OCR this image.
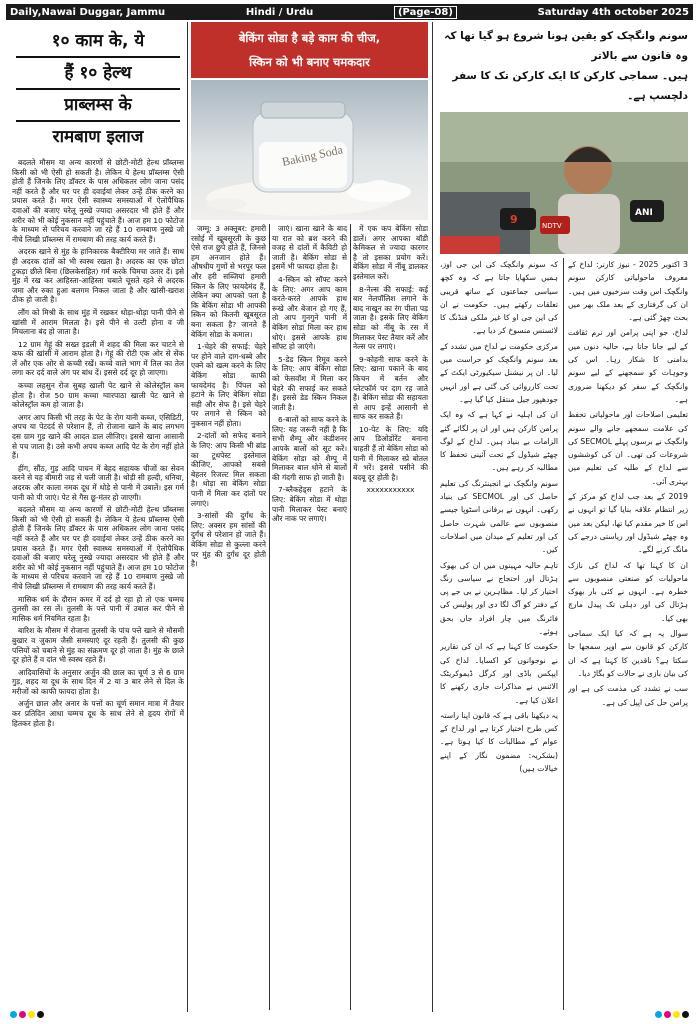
Daily,Nawai Duggar, Jammu	Hindi / Urdu	(Page-08)	Saturday 4th october 2025
१० काम के, ये
हैं १० हेल्थ
प्राब्लम्स के
रामबाण इलाज

बदलते मौसम या अन्य कारणों से छोटी-मोटी हेल्थ प्रॉब्लम्स किसी को भी ऐसी हो सकती है। लेकिन ये हेल्थ प्रॉब्लम्स ऐसी होती हैं जिनके लिए डॉक्टर के पास अधिकतर लोग जाना पसंद नहीं करते हैं और घर पर ही दवाईयां लेकर उन्हें ठीक करने का प्रयास करते हैं। मगर ऐसी स्वास्थ्य समस्याओं में ऐलोपैथिक दवाओं की बजाए घरेलू नुस्खे ज्यादा असरदार भी होते हैं और शरीर को भी कोई नुकसान नहीं पहुंचाते हैं। आज हम 10 फोटोज के माध्यम से परिचय करवाने जा रहे हैं 10 रामबाण नुस्खे जो नीचे लिखी प्रॉब्लम्स में रामबाण की तरह कार्य करते हैं।

अदरक खाने से मुंह के हानिकारक बैक्टीरिया मर जाते हैं। साथ ही अदरक दांतों को भी स्वस्थ रखता है। अदरक का एक छोटा टुकड़ा छीले बिना (छिलकेसहित) गर्म करके चिमचा उतार दें। इसे मुंह में रख कर आहिस्ता-आहिस्ता चबाते चूसते रहने से अदरक जमा और रुका हुआ बलगम निकल जाता है और खांसी-खराश ठीक हो जाती है।

लौंग को मिश्री के साथ मुंह में रखकर थोड़ा-थोड़ा पानी पीने से खांसी में आराम मिलता है। इसे पीने से उल्टी होना व जी मिचलाना बंद हो जाता है।

12 ग्राम गेहूं की सख्त इडली में शहद की मिला कर चाटने से कफ की खांसी में आराम होता है। गेहूं की रोटी एक ओर से सेंक लें और एक ओर से कच्ची रखें। कच्चे वाले भाग में तिल का तेल लगा कर दर्द वाले अंग पर बांध दें। इससे दर्द दूर हो जाएगा।

कच्चा लहसुन रोज सुबह खाली पेट खाने से कोलेस्ट्रॉल कम होता है। रोज 50 ग्राम कच्चा ग्वारपाठा खाली पेट खाने से कोलेस्ट्रॉल कम हो जाता है।

अगर आप किसी भी तरह के पेट के रोग यानी कब्ज, एसिडिटी, अपच या पेटदर्द से परेशान हैं, तो रोजाना खाने के बाद लगभग दस ग्राम गुड़ खाने की आदत डाल लीजिए। इससे खाना आसानी से पच जाता है। उसे कभी अपच कब्ज आदि पेट के रोग नहीं होते हैं।

हींग, सौंठ, गुड़ आदि पाचन में बेहद सहायक चीजों का सेवन करने से यह बीमारी जड़ से चली जाती है। थोड़ी सी हल्दी, धनिया, अदरक और काला नमक दूध में थोड़े से पानी में उबालें। इस गर्म पानी को पी जाएं। पेट से गैस छू-मंतर हो जाएगी।

बदलते मौसम या अन्य कारणों से छोटी-मोटी हेल्थ प्रॉब्लम्स किसी को भी ऐसी हो सकती है। लेकिन ये हेल्थ प्रॉब्लम्स ऐसी होती हैं जिनके लिए डॉक्टर के पास अधिकतर लोग जाना पसंद नहीं करते हैं और घर पर ही दवाईयां लेकर उन्हें ठीक करने का प्रयास करते हैं। मगर ऐसी स्वास्थ्य समस्याओं में ऐलोपैथिक दवाओं की बजाए घरेलू नुस्खे ज्यादा असरदार भी होते हैं और शरीर को भी कोई नुकसान नहीं पहुंचाते हैं। आज हम 10 फोटोज के माध्यम से परिचय करवाने जा रहे हैं 10 रामबाण नुस्खे जो नीचे लिखी प्रॉब्लम्स में रामबाण की तरह कार्य करते हैं।

मासिक धर्म के दौरान कमर में दर्द हो रहा हो तो एक चम्मच तुलसी का रस लें। तुलसी के पत्ते पानी में उबाल कर पीने से मासिक धर्म नियमित रहता है।

बारिश के मौसम में रोजाना तुलसी के पांच पत्ते खाने से मौसमी बुखार व जुकाम जैसी समस्याएं दूर रहती हैं। तुलसी की कुछ पत्तियों को चबाने से मुंह का संक्रमण दूर हो जाता है। मुंह के छाले दूर होते हैं व दांत भी स्वस्थ रहते हैं।

आदिवासियों के अनुसार अर्जुन की छाल का चूर्ण 3 से 6 ग्राम गुड़, शहद या दूध के साथ दिन में 2 या 3 बार लेने से दिल के मरीजों को काफी फायदा होता है।

अर्जुन छाल और अनार के पत्तों का चूर्ण समान मात्रा में तैयार कर प्रतिदिन आधा चम्मच दूध के साथ लेने से हृदय रोगों में हितकर होता है।

बेकिंग सोडा है बड़े काम की चीज,
स्किन को भी बनाए चमकदार
Baking Soda

जम्मू: 3 अक्तूबर: हमारी रसोई में खूबसूरती के कुछ ऐसे राज छुपे होते हैं, जिनसे हम अनजान होते हैं। औषधीय गुणों से भरपूर फल और हरी सब्जियां हमारी स्किन के लिए फायदेमंद हैं, लेकिन क्या आपको पता है कि बेकिंग सोडा भी आपकी स्किन को कितनी खूबसूरत बना सकता है? जानते हैं बेकिंग सोडा के कमाल।

1-चेहरे की सफाई: चेहरे पर होने वाले दाग-धब्बे और एक्ने को खत्म करने के लिए बेकिंग सोडा काफी फायदेमंद है। पिंपल को हटाने के लिए बेकिंग सोडा सही और सेफ है। इसे चेहरे पर लगाने से स्किन को नुकसान नहीं होता।

2-दांतों को सफेद बनाने के लिए: आप किसी भी ब्रांड का टूथपेस्ट इस्तेमाल कीजिए, आपको सबसे बेहतर रिजल्ट मिल सकता है। थोड़ा सा बेकिंग सोडा पानी में मिला कर दांतों पर लगाएं।

3-सांसों की दुर्गंध के लिए: अक्सर हम सांसों की दुर्गंध से परेशान हो जाते हैं। बेकिंग सोडा से कुल्ला करने पर मुंह की दुर्गंध दूर होती है।

जाएं। खाना खाने के बाद या रात को ब्रश करने की वजह से दांतों में कैविटी हो जाती है। बेकिंग सोडा से इसमें भी फायदा होता है।

4-स्किन को सॉफ्ट करने के लिए: अगर आप काम करते-करते आपके हाथ रूखे और बेजान हो गए हैं, तो आप गुनगुने पानी में बेकिंग सोडा मिला कर हाथ धोएं। इससे आपके हाथ सॉफ्ट हो जाएंगे।

5-डेड स्किन रिमूव करने के लिए: आप बेकिंग सोडा को फेसवॉश में मिला कर चेहरे की सफाई कर सकते हैं। इससे डेड स्किन निकल जाती है।

6-बालों को साफ करने के लिए: यह जरूरी नहीं है कि सभी शैम्पू और कंडीशनर आपके बालों को सूट करें। बेकिंग सोडा को शैम्पू में मिलाकर बाल धोने से बालों की गंदगी साफ हो जाती है।

7-ब्लैकहेड्स हटाने के लिए: बेकिंग सोडा में थोड़ा पानी मिलाकर पेस्ट बनाएं और नाक पर लगाएं।

में एक कप बेकिंग सोडा डालें। अगर आपका बॉडी केमिकल से ज्यादा कारगर है तो इसका प्रयोग करें। बेकिंग सोडा में नींबू डालकर इस्तेमाल करें।

8-नेल्स की सफाई: कई बार नेलपॉलिश लगाने के बाद नाखून का रंग पीला पड़ जाता है। इसके लिए बेकिंग सोडा को नींबू के रस में मिलाकर पेस्ट तैयार करें और नेल्स पर लगाएं।

9-कोहनी साफ करने के लिए: खाना पकाने के बाद किचन में बर्तन और प्लेटफॉर्म पर दाग रह जाते हैं। बेकिंग सोडा की सहायता से आप इन्हें आसानी से साफ कर सकते हैं।

10-पेट के लिए: यदि आप डिओडोरेंट बनाना चाहती हैं तो बेकिंग सोडा को पानी में मिलाकर स्प्रे बोतल में भरें। इससे पसीने की बदबू दूर होती है।

xxxxxxxxxxx

سونم وانگچک کو یقین ہونا شروع ہو گیا تھا کہ وہ قانون سے بالاتر
ہیں۔ سماجی کارکن کا ایک کارکن تک کا سفر دلچسپ ہے۔
9	ANI
NDTV

کہ سونم وانگچک کی این جی اوز، ہمیں سکھایا جاتا ہے کہ وہ کچھ سیاسی جماعتوں کے ساتھ قریبی تعلقات رکھتے ہیں۔ حکومت نے ان کی این جی او کا غیر ملکی فنڈنگ کا لائسنس منسوخ کر دیا ہے۔

مرکزی حکومت نے لداخ میں تشدد کے بعد سونم وانگچک کو حراست میں لیا۔ ان پر نیشنل سیکیورٹی ایکٹ کے تحت کارروائی کی گئی ہے اور انہیں جودھپور جیل منتقل کیا گیا ہے۔

ان کی اہلیہ نے کہا ہے کہ وہ ایک پرامن کارکن ہیں اور ان پر لگائے گئے الزامات بے بنیاد ہیں۔ لداخ کے لوگ چھٹے شیڈول کے تحت آئینی تحفظ کا مطالبہ کر رہے ہیں۔

سونم وانگچک نے انجینئرنگ کی تعلیم حاصل کی اور SECMOL کی بنیاد رکھی۔ انہوں نے برفانی اسٹوپا جیسے منصوبوں سے عالمی شہرت حاصل کی اور تعلیم کے میدان میں اصلاحات کیں۔

تاہم حالیہ مہینوں میں ان کی بھوک ہڑتال اور احتجاج نے سیاسی رنگ اختیار کر لیا۔ مظاہرین نے بی جے پی کے دفتر کو آگ لگا دی اور پولیس کی فائرنگ میں چار افراد جاں بحق ہوئے۔

حکومت کا کہنا ہے کہ ان کی تقاریر نے نوجوانوں کو اکسایا۔ لداخ کی ایپکس باڈی اور کرگل ڈیموکریٹک الائنس نے مذاکرات جاری رکھنے کا اعلان کیا ہے۔

یہ دیکھنا باقی ہے کہ قانون اپنا راستہ کس طرح اختیار کرتا ہے اور لداخ کے عوام کے مطالبات کا کیا ہوتا ہے۔ (بشکریہ: مضمون نگار کے اپنے خیالات ہیں)

3 اکتوبر 2025 - نیوز کارنر: لداخ کے معروف ماحولیاتی کارکن سونم وانگچک اس وقت سرخیوں میں ہیں۔ ان کی گرفتاری کے بعد ملک بھر میں بحث چھڑ گئی ہے۔

لداخ، جو اپنی پرامن اور نرم ثقافت کے لیے جانا جاتا ہے، حالیہ دنوں میں بدامنی کا شکار رہا۔ اس کی وجوہات کو سمجھنے کے لیے سونم وانگچک کے سفر کو دیکھنا ضروری ہے۔

تعلیمی اصلاحات اور ماحولیاتی تحفظ کی علامت سمجھے جانے والے سونم وانگچک نے برسوں پہلے SECMOL کی شروعات کی تھی۔ ان کی کوششوں سے لداخ کے طلبہ کی تعلیم میں بہتری آئی۔

2019 کے بعد جب لداخ کو مرکز کے زیر انتظام علاقہ بنایا گیا تو انہوں نے اس کا خیر مقدم کیا تھا، لیکن بعد میں وہ چھٹے شیڈول اور ریاستی درجے کی مانگ کرنے لگے۔

ان کا کہنا تھا کہ لداخ کی نازک ماحولیات کو صنعتی منصوبوں سے خطرہ ہے۔ انہوں نے کئی بار بھوک ہڑتال کی اور دہلی تک پیدل مارچ بھی کیا۔

سوال یہ ہے کہ کیا ایک سماجی کارکن کو قانون سے اوپر سمجھا جا سکتا ہے؟ ناقدین کا کہنا ہے کہ ان کی بیان بازی نے حالات کو بگاڑ دیا۔

سب نے تشدد کی مذمت کی ہے اور پرامن حل کی اپیل کی ہے۔
